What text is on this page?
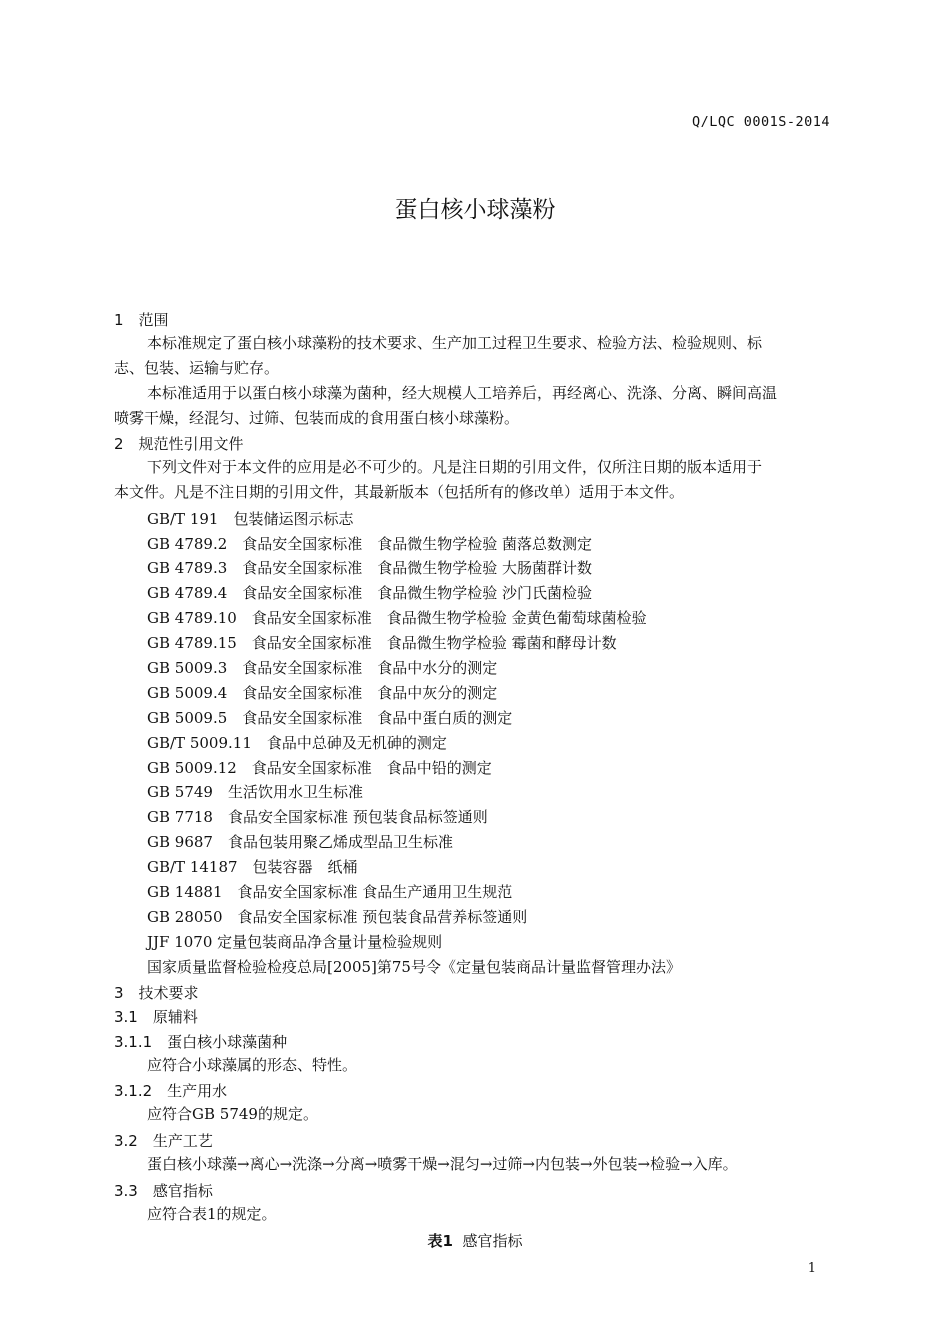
Q/LQC 0001S-2014
蛋白核小球藻粉
1　范围
本标准规定了蛋白核小球藻粉的技术要求、生产加工过程卫生要求、检验方法、检验规则、标
志、包装、运输与贮存。
本标准适用于以蛋白核小球藻为菌种，经大规模人工培养后，再经离心、洗涤、分离、瞬间高温
喷雾干燥，经混匀、过筛、包装而成的食用蛋白核小球藻粉。
2　规范性引用文件
下列文件对于本文件的应用是必不可少的。凡是注日期的引用文件，仅所注日期的版本适用于
本文件。凡是不注日期的引用文件，其最新版本（包括所有的修改单）适用于本文件。
GB/T 191　包装储运图示标志
GB 4789.2　食品安全国家标准　食品微生物学检验 菌落总数测定
GB 4789.3　食品安全国家标准　食品微生物学检验 大肠菌群计数
GB 4789.4　食品安全国家标准　食品微生物学检验 沙门氏菌检验
GB 4789.10　食品安全国家标准　食品微生物学检验 金黄色葡萄球菌检验
GB 4789.15　食品安全国家标准　食品微生物学检验 霉菌和酵母计数
GB 5009.3　食品安全国家标准　食品中水分的测定
GB 5009.4　食品安全国家标准　食品中灰分的测定
GB 5009.5　食品安全国家标准　食品中蛋白质的测定
GB/T 5009.11　食品中总砷及无机砷的测定
GB 5009.12　食品安全国家标准　食品中铅的测定
GB 5749　生活饮用水卫生标准
GB 7718　食品安全国家标准 预包装食品标签通则
GB 9687　食品包装用聚乙烯成型品卫生标准
GB/T 14187　包装容器　纸桶
GB 14881　食品安全国家标准 食品生产通用卫生规范
GB 28050　食品安全国家标准 预包装食品营养标签通则
JJF 1070 定量包装商品净含量计量检验规则
国家质量监督检验检疫总局[2005]第75号令《定量包装商品计量监督管理办法》
3　技术要求
3.1　原辅料
3.1.1　蛋白核小球藻菌种
应符合小球藻属的形态、特性。
3.1.2　生产用水
应符合GB 5749的规定。
3.2　生产工艺
蛋白核小球藻→离心→洗涤→分离→喷雾干燥→混匀→过筛→内包装→外包装→检验→入库。
3.3　感官指标
应符合表1的规定。
表1 感官指标
1
